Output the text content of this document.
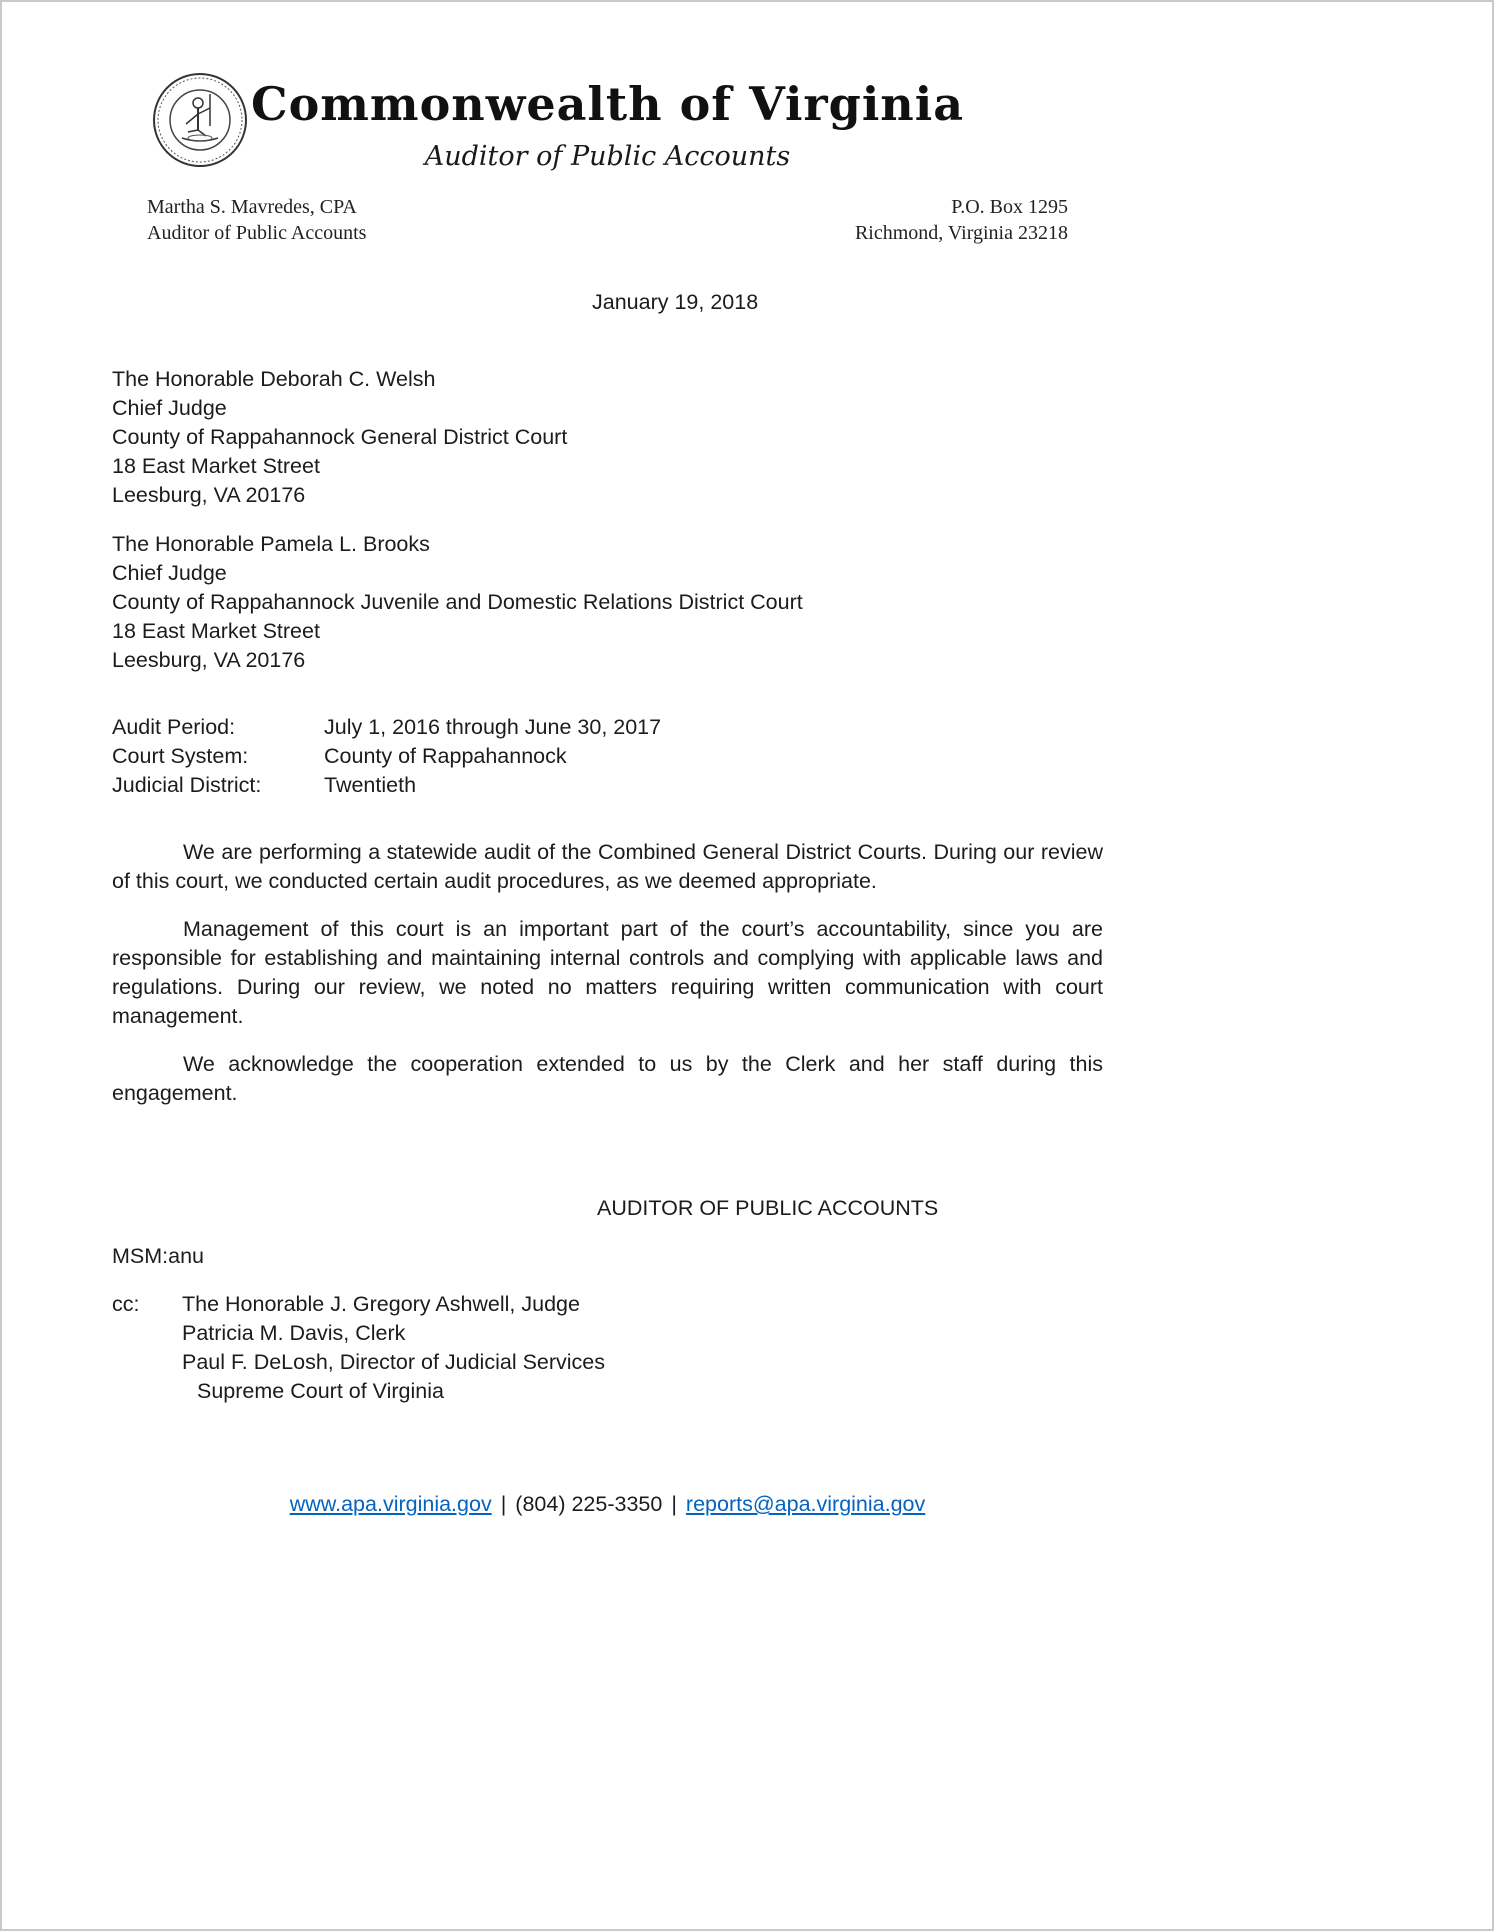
Commonwealth of Virginia
Auditor of Public Accounts
Martha S. Mavredes, CPA
Auditor of Public Accounts
P.O. Box 1295
Richmond, Virginia 23218
January 19, 2018
The Honorable Deborah C. Welsh
Chief Judge
County of Rappahannock General District Court
18 East Market Street
Leesburg, VA 20176
The Honorable Pamela L. Brooks
Chief Judge
County of Rappahannock Juvenile and Domestic Relations District Court
18 East Market Street
Leesburg, VA 20176
Audit Period:	July 1, 2016 through June 30, 2017
Court System:	County of Rappahannock
Judicial District:	Twentieth

We are performing a statewide audit of the Combined General District Courts. During our review of this court, we conducted certain audit procedures, as we deemed appropriate.

Management of this court is an important part of the court’s accountability, since you are responsible for establishing and maintaining internal controls and complying with applicable laws and regulations. During our review, we noted no matters requiring written communication with court management.

We acknowledge the cooperation extended to us by the Clerk and her staff during this engagement.

AUDITOR OF PUBLIC ACCOUNTS
MSM:anu
cc:	The Honorable J. Gregory Ashwell, Judge
Patricia M. Davis, Clerk
Paul F. DeLosh, Director of Judicial Services
Supreme Court of Virginia
www.apa.virginia.gov | (804) 225-3350 | reports@apa.virginia.gov
